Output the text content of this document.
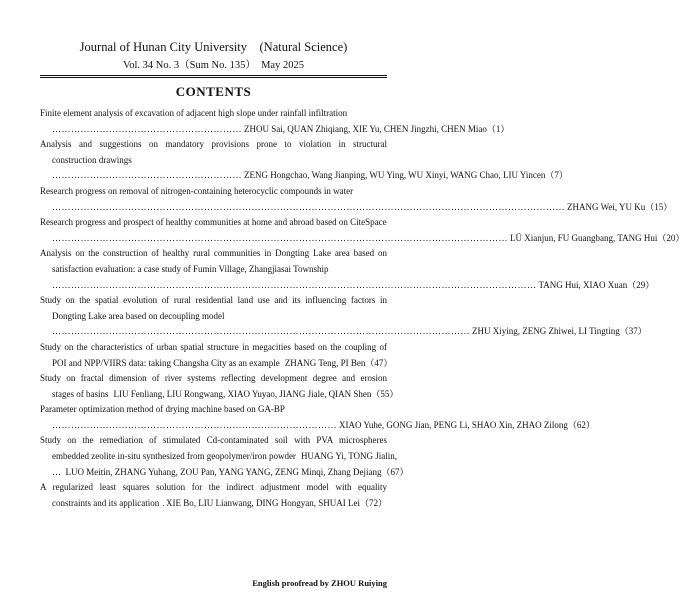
Journal of Hunan City University　(Natural Science)
Vol. 34 No. 3（Sum No. 135）　May 2025
CONTENTS
Finite element analysis of excavation of adjacent high slope under rainfall infiltration
…………………………………………………… ZHOU Sai, QUAN Zhiqiang, XIE Yu, CHEN Jingzhi, CHEN Miao（1）
Analysis and suggestions on mandatory provisions prone to violation in structural
construction drawings
…………………………………………………… ZENG Hongchao, Wang Jianping, WU Ying, WU Xinyi, WANG Chao, LIU Yincen（7）
Research progress on removal of nitrogen-containing heterocyclic compounds in water
……………………………………………………………………………………………………………………………………………… ZHANG Wei, YU Ku（15）
Research progress and prospect of healthy communities at home and abroad based on CiteSpace
……………………………………………………………………………………………………………………………… LÜ Xianjun, FU Guangbang, TANG Hui（20）
Analysis on the construction of healthy rural communities in Dongting Lake area based on
satisfaction evaluation: a case study of Fumin Village, Zhangjiasai Township
……………………………………………………………………………………………………………………………………… TANG Hui, XIAO Xuan（29）
Study on the spatial evolution of rural residential land use and its influencing factors in
Dongting Lake area based on decoupling model
…………………………………………………………………………………………………………………… ZHU Xiying, ZENG Zhiwei, LI Tingting（37）
Study on the characteristics of urban spatial structure in megacities based on the coupling of
POI and NPP/VIIRS data: taking Changsha City as an example ZHANG Teng, PI Ben（47）
Study on fractal dimension of river systems reflecting development degree and erosion
stages of basins LIU Fenliang, LIU Rongwang, XIAO Yuyao, JIANG Jiale, QIAN Shen（55）
Parameter optimization method of drying machine based on GA-BP
……………………………………………………………………………… XIAO Yuhe, GONG Jian, PENG Li, SHAO Xin, ZHAO Zilong（62）
Study on the remediation of stimulated Cd-contaminated soil with PVA microspheres
embedded zeolite in-situ synthesized from geopolymer/iron powder HUANG Yi, TONG Jialin,
… LUO Meitin, ZHANG Yuhang, ZOU Pan, YANG YANG, ZENG Minqi, Zhang Dejiang（67）
A regularized least squares solution for the indirect adjustment model with equality
constraints and its application XIE Bo, LIU Lianwang, DING Hongyan, SHUAI Lei（72）
English proofread by ZHOU Ruiying
